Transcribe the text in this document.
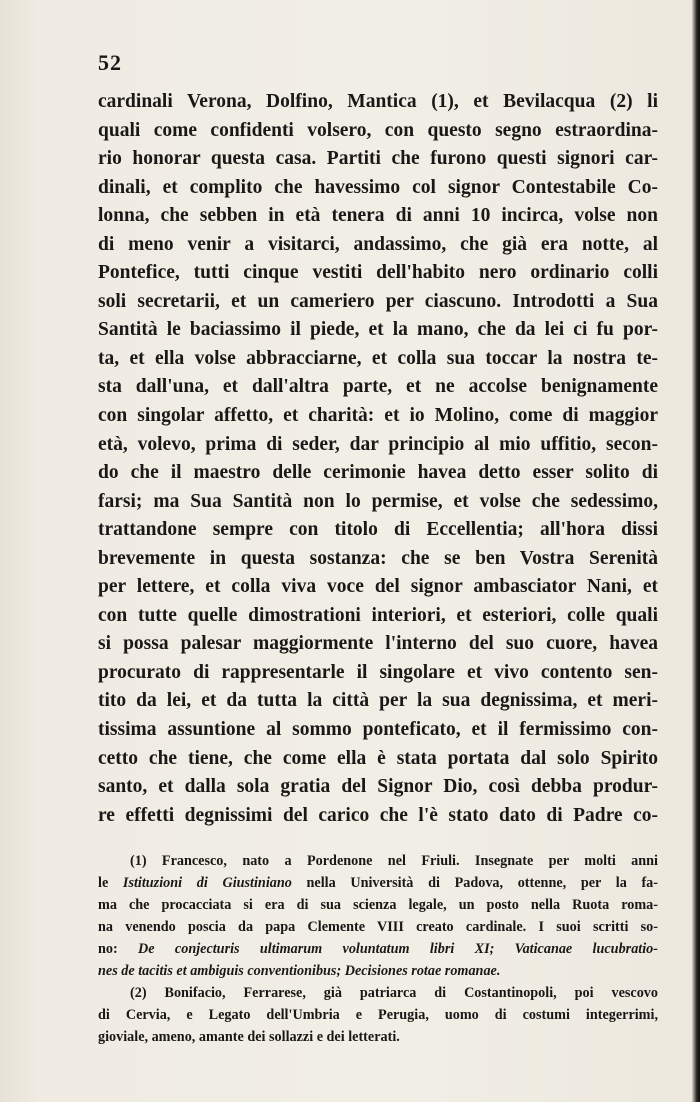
52
cardinali Verona, Dolfino, Mantica (1), et Bevilacqua (2) li
quali come confidenti volsero, con questo segno estraordina-
rio honorar questa casa. Partiti che furono questi signori car-
dinali, et complito che havessimo col signor Contestabile Co-
lonna, che sebben in età tenera di anni 10 incirca, volse non
di meno venir a visitarci, andassimo, che già era notte, al
Pontefice, tutti cinque vestiti dell'habito nero ordinario colli
soli secretarii, et un cameriero per ciascuno. Introdotti a Sua
Santità le baciassimo il piede, et la mano, che da lei ci fu por-
ta, et ella volse abbracciarne, et colla sua toccar la nostra te-
sta dall'una, et dall'altra parte, et ne accolse benignamente
con singolar affetto, et charità: et io Molino, come di maggior
età, volevo, prima di seder, dar principio al mio uffitio, secon-
do che il maestro delle cerimonie havea detto esser solito di
farsi; ma Sua Santità non lo permise, et volse che sedessimo,
trattandone sempre con titolo di Eccellentia; all'hora dissi
brevemente in questa sostanza: che se ben Vostra Serenità
per lettere, et colla viva voce del signor ambasciator Nani, et
con tutte quelle dimostrationi interiori, et esteriori, colle quali
si possa palesar maggiormente l'interno del suo cuore, havea
procurato di rappresentarle il singolare et vivo contento sen-
tito da lei, et da tutta la città per la sua degnissima, et meri-
tissima assuntione al sommo ponteficato, et il fermissimo con-
cetto che tiene, che come ella è stata portata dal solo Spirito
santo, et dalla sola gratia del Signor Dio, così debba produr-
re effetti degnissimi del carico che l'è stato dato di Padre co-
(1) Francesco, nato a Pordenone nel Friuli. Insegnate per molti anni
le Istituzioni di Giustiniano nella Università di Padova, ottenne, per la fa-
ma che procacciata si era di sua scienza legale, un posto nella Ruota roma-
na venendo poscia da papa Clemente VIII creato cardinale. I suoi scritti so-
no: De conjecturis ultimarum voluntatum libri XI; Vaticanae lucubratio-
nes de tacitis et ambiguis conventionibus; Decisiones rotae romanae.
(2) Bonifacio, Ferrarese, già patriarca di Costantinopoli, poi vescovo
di Cervia, e Legato dell'Umbria e Perugia, uomo di costumi integerrimi,
gioviale, ameno, amante dei sollazzi e dei letterati.
